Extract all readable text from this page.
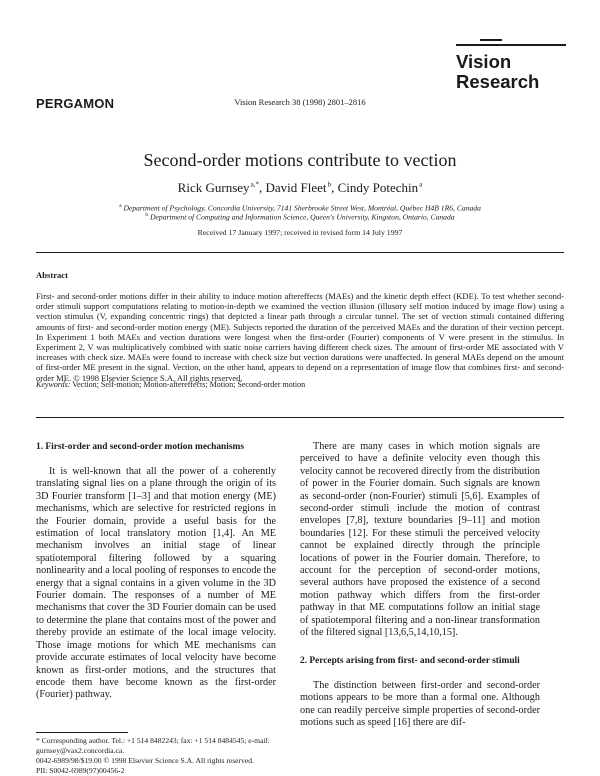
PERGAMON	Vision Research 38 (1998) 2801–2816
Vision
Research
Second-order motions contribute to vection
Rick Gurnsey $^{a,*}$, David Fleet $^b$, Cindy Potechin $^a$
$^a$ Department of Psychology, Concordia University, 7141 Sherbrooke Street West, Montréal, Québec H4B 1R6, Canada
$^b$ Department of Computing and Information Science, Queen's University, Kingston, Ontario, Canada
Received 17 January 1997; received in revised form 14 July 1997
Abstract
First- and second-order motions differ in their ability to induce motion aftereffects (MAEs) and the kinetic depth effect (KDE). To test whether second-order stimuli support computations relating to motion-in-depth we examined the vection illusion (illusory self motion induced by image flow) using a vection stimulus (V, expanding concentric rings) that depicted a linear path through a circular tunnel. The set of vection stimuli contained differing amounts of first- and second-order motion energy (ME). Subjects reported the duration of the perceived MAEs and the duration of their vection percept. In Experiment 1 both MAEs and vection durations were longest when the first-order (Fourier) components of V were present in the stimulus. In Experiment 2, V was multiplicatively combined with static noise carriers having different check sizes. The amount of first-order ME associated with V increases with check size. MAEs were found to increase with check size but vection durations were unaffected. In general MAEs depend on the amount of first-order ME present in the signal. Vection, on the other hand, appears to depend on a representation of image flow that combines first- and second-order ME. © 1998 Elsevier Science S.A. All rights reserved.
Keywords: Vection; Self-motion; Motion-aftereffects; Motion; Second-order motion
1. First-order and second-order motion mechanisms
It is well-known that all the power of a coherently translating signal lies on a plane through the origin of its 3D Fourier transform [1–3] and that motion energy (ME) mechanisms, which are selective for restricted regions in the Fourier domain, provide a useful basis for the estimation of local translatory motion [1,4]. An ME mechanism involves an initial stage of linear spatiotemporal filtering followed by a squaring nonlinearity and a local pooling of responses to encode the energy that a signal contains in a given volume in the 3D Fourier domain. The responses of a number of ME mechanisms that cover the 3D Fourier domain can be used to determine the plane that contains most of the power and thereby provide an estimate of the local image velocity. Those image motions for which ME mechanisms can provide accurate estimates of local velocity have become known as first-order motions, and the structures that encode them have become known as the first-order (Fourier) pathway.
There are many cases in which motion signals are perceived to have a definite velocity even though this velocity cannot be recovered directly from the distribution of power in the Fourier domain. Such signals are known as second-order (non-Fourier) stimuli [5,6]. Examples of second-order stimuli include the motion of contrast envelopes [7,8], texture boundaries [9–11] and motion boundaries [12]. For these stimuli the perceived velocity cannot be explained directly through the principle locations of power in the Fourier domain. Therefore, to account for the perception of second-order motions, several authors have proposed the existence of a second motion pathway which differs from the first-order pathway in that ME computations follow an initial stage of spatiotemporal filtering and a non-linear transformation of the filtered signal [13,6,5,14,10,15].
2. Percepts arising from first- and second-order stimuli
The distinction between first-order and second-order motions appears to be more than a formal one. Although one can readily perceive simple properties of second-order motions such as speed [16] there are dif-
* Corresponding author. Tel.: +1 514 8482243; fax: +1 514 8484545; e-mail: gurnsey@vax2.concordia.ca.
0042-6989/98/$19.00 © 1998 Elsevier Science S.A. All rights reserved.
PII: S0042-6989(97)00456-2
